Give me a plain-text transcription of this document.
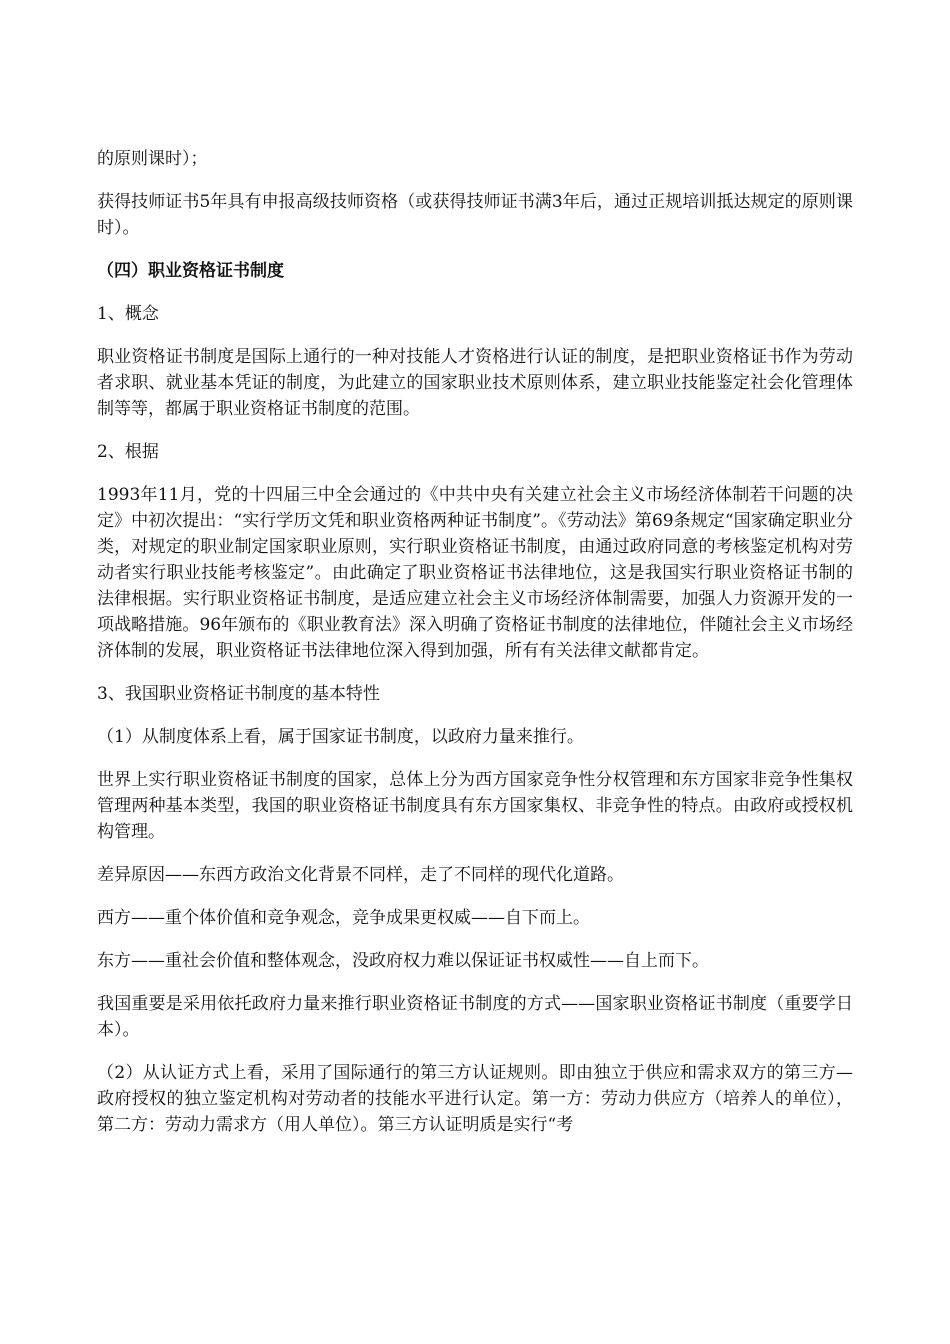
的原则课时）；

获得技师证书5年具有申报高级技师资格（或获得技师证书满3年后，通过正规培训抵达规定的原则课时）。

（四）职业资格证书制度

1、概念

职业资格证书制度是国际上通行的一种对技能人才资格进行认证的制度，是把职业资格证书作为劳动者求职、就业基本凭证的制度，为此建立的国家职业技术原则体系，建立职业技能鉴定社会化管理体制等等，都属于职业资格证书制度的范围。

2、根据

1993年11月，党的十四届三中全会通过的《中共中央有关建立社会主义市场经济体制若干问题的决定》中初次提出：“实行学历文凭和职业资格两种证书制度”。《劳动法》第69条规定“国家确定职业分类，对规定的职业制定国家职业原则，实行职业资格证书制度，由通过政府同意的考核鉴定机构对劳动者实行职业技能考核鉴定”。由此确定了职业资格证书法律地位，这是我国实行职业资格证书制的法律根据。实行职业资格证书制度，是适应建立社会主义市场经济体制需要，加强人力资源开发的一项战略措施。96年颁布的《职业教育法》深入明确了资格证书制度的法律地位，伴随社会主义市场经济体制的发展，职业资格证书法律地位深入得到加强，所有有关法律文献都肯定。

3、我国职业资格证书制度的基本特性

（1）从制度体系上看，属于国家证书制度，以政府力量来推行。

世界上实行职业资格证书制度的国家，总体上分为西方国家竞争性分权管理和东方国家非竞争性集权管理两种基本类型，我国的职业资格证书制度具有东方国家集权、非竞争性的特点。由政府或授权机构管理。

差异原因——东西方政治文化背景不同样，走了不同样的现代化道路。

西方——重个体价值和竞争观念，竞争成果更权威——自下而上。

东方——重社会价值和整体观念，没政府权力难以保证证书权威性——自上而下。

我国重要是采用依托政府力量来推行职业资格证书制度的方式——国家职业资格证书制度（重要学日本）。

（2）从认证方式上看，采用了国际通行的第三方认证规则。即由独立于供应和需求双方的第三方—政府授权的独立鉴定机构对劳动者的技能水平进行认定。第一方：劳动力供应方（培养人的单位），第二方：劳动力需求方（用人单位）。第三方认证明质是实行“考
